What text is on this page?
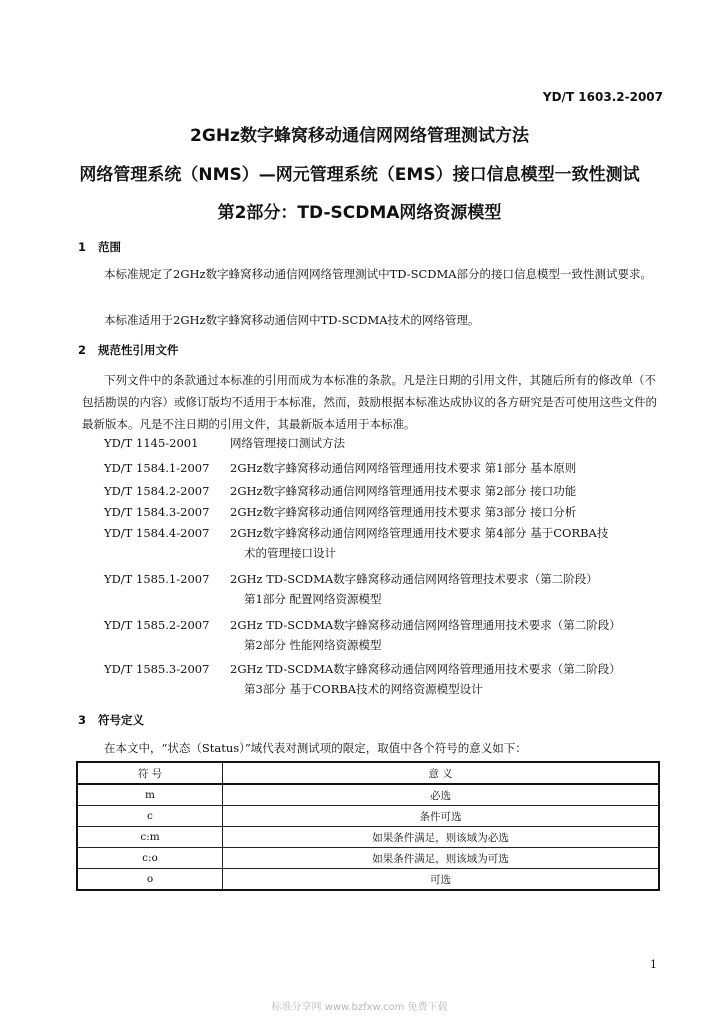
YD/T 1603.2-2007
2GHz数字蜂窝移动通信网网络管理测试方法
网络管理系统（NMS）—网元管理系统（EMS）接口信息模型一致性测试
第2部分：TD-SCDMA网络资源模型
1 范围
本标准规定了2GHz数字蜂窝移动通信网网络管理测试中TD-SCDMA部分的接口信息模型一致性测试要求。
本标准适用于2GHz数字蜂窝移动通信网中TD-SCDMA技术的网络管理。
2 规范性引用文件
下列文件中的条款通过本标准的引用而成为本标准的条款。凡是注日期的引用文件，其随后所有的修改单（不包括勘误的内容）或修订版均不适用于本标准，然而，鼓励根据本标准达成协议的各方研究是否可使用这些文件的最新版本。凡是不注日期的引用文件，其最新版本适用于本标准。
YD/T 1145-2001	网络管理接口测试方法
YD/T 1584.1-2007 2GHz数字蜂窝移动通信网网络管理通用技术要求 第1部分 基本原则
YD/T 1584.2-2007 2GHz数字蜂窝移动通信网网络管理通用技术要求 第2部分 接口功能
YD/T 1584.3-2007 2GHz数字蜂窝移动通信网网络管理通用技术要求 第3部分 接口分析
YD/T 1584.4-2007 2GHz数字蜂窝移动通信网网络管理通用技术要求 第4部分 基于CORBA技
术的管理接口设计
YD/T 1585.1-2007 2GHz TD-SCDMA数字蜂窝移动通信网网络管理技术要求（第二阶段）
第1部分 配置网络资源模型
YD/T 1585.2-2007 2GHz TD-SCDMA数字蜂窝移动通信网网络管理通用技术要求（第二阶段）
第2部分 性能网络资源模型
YD/T 1585.3-2007 2GHz TD-SCDMA数字蜂窝移动通信网网络管理通用技术要求（第二阶段）
第3部分 基于CORBA技术的网络资源模型设计
3 符号定义
在本文中，“状态（Status）”域代表对测试项的限定，取值中各个符号的意义如下：
符 号	意 义
m	必选
c	条件可选
c:m	如果条件满足，则该域为必选
c:o	如果条件满足，则该域为可选
o	可选
1
标准分享网 www.bzfxw.com 免费下载
